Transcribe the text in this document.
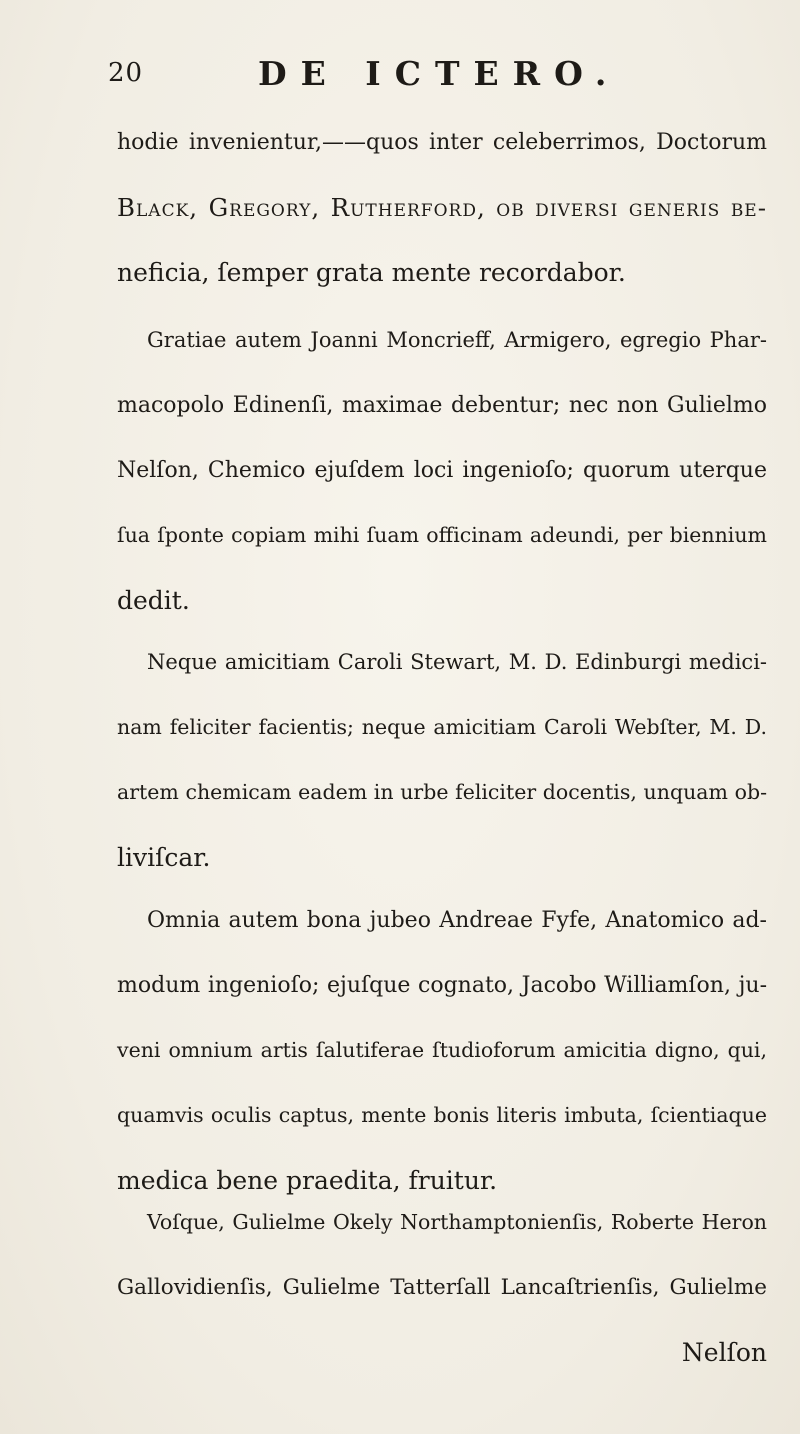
20	DE ICTERO.
hodie invenientur,——quos inter celeberrimos, Doctorum
Black, Gregory, Rutherford, ob diverſi generis be-
neficia, ſemper grata mente recordabor.
Gratiae autem Joanni Moncrieff, Armigero, egregio Phar-
macopolo Edinenſi, maximae debentur; nec non Gulielmo
Nelſon, Chemico ejuſdem loci ingenioſo; quorum uterque
ſua ſponte copiam mihi ſuam officinam adeundi, per biennium
dedit.
Neque amicitiam Caroli Stewart, M. D. Edinburgi medici-
nam feliciter facientis; neque amicitiam Caroli Webſter, M. D.
artem chemicam eadem in urbe feliciter docentis, unquam ob-
liviſcar.
Omnia autem bona jubeo Andreae Fyfe, Anatomico ad-
modum ingenioſo; ejuſque cognato, Jacobo Williamſon, ju-
veni omnium artis ſalutiferae ſtudioforum amicitia digno, qui,
quamvis oculis captus, mente bonis literis imbuta, ſcientiaque
medica bene praedita, fruitur.
Voſque, Gulielme Okely Northamptonienſis, Roberte Heron
Gallovidienſis, Gulielme Tatterſall Lancaſtrienſis, Gulielme
Nelſon
